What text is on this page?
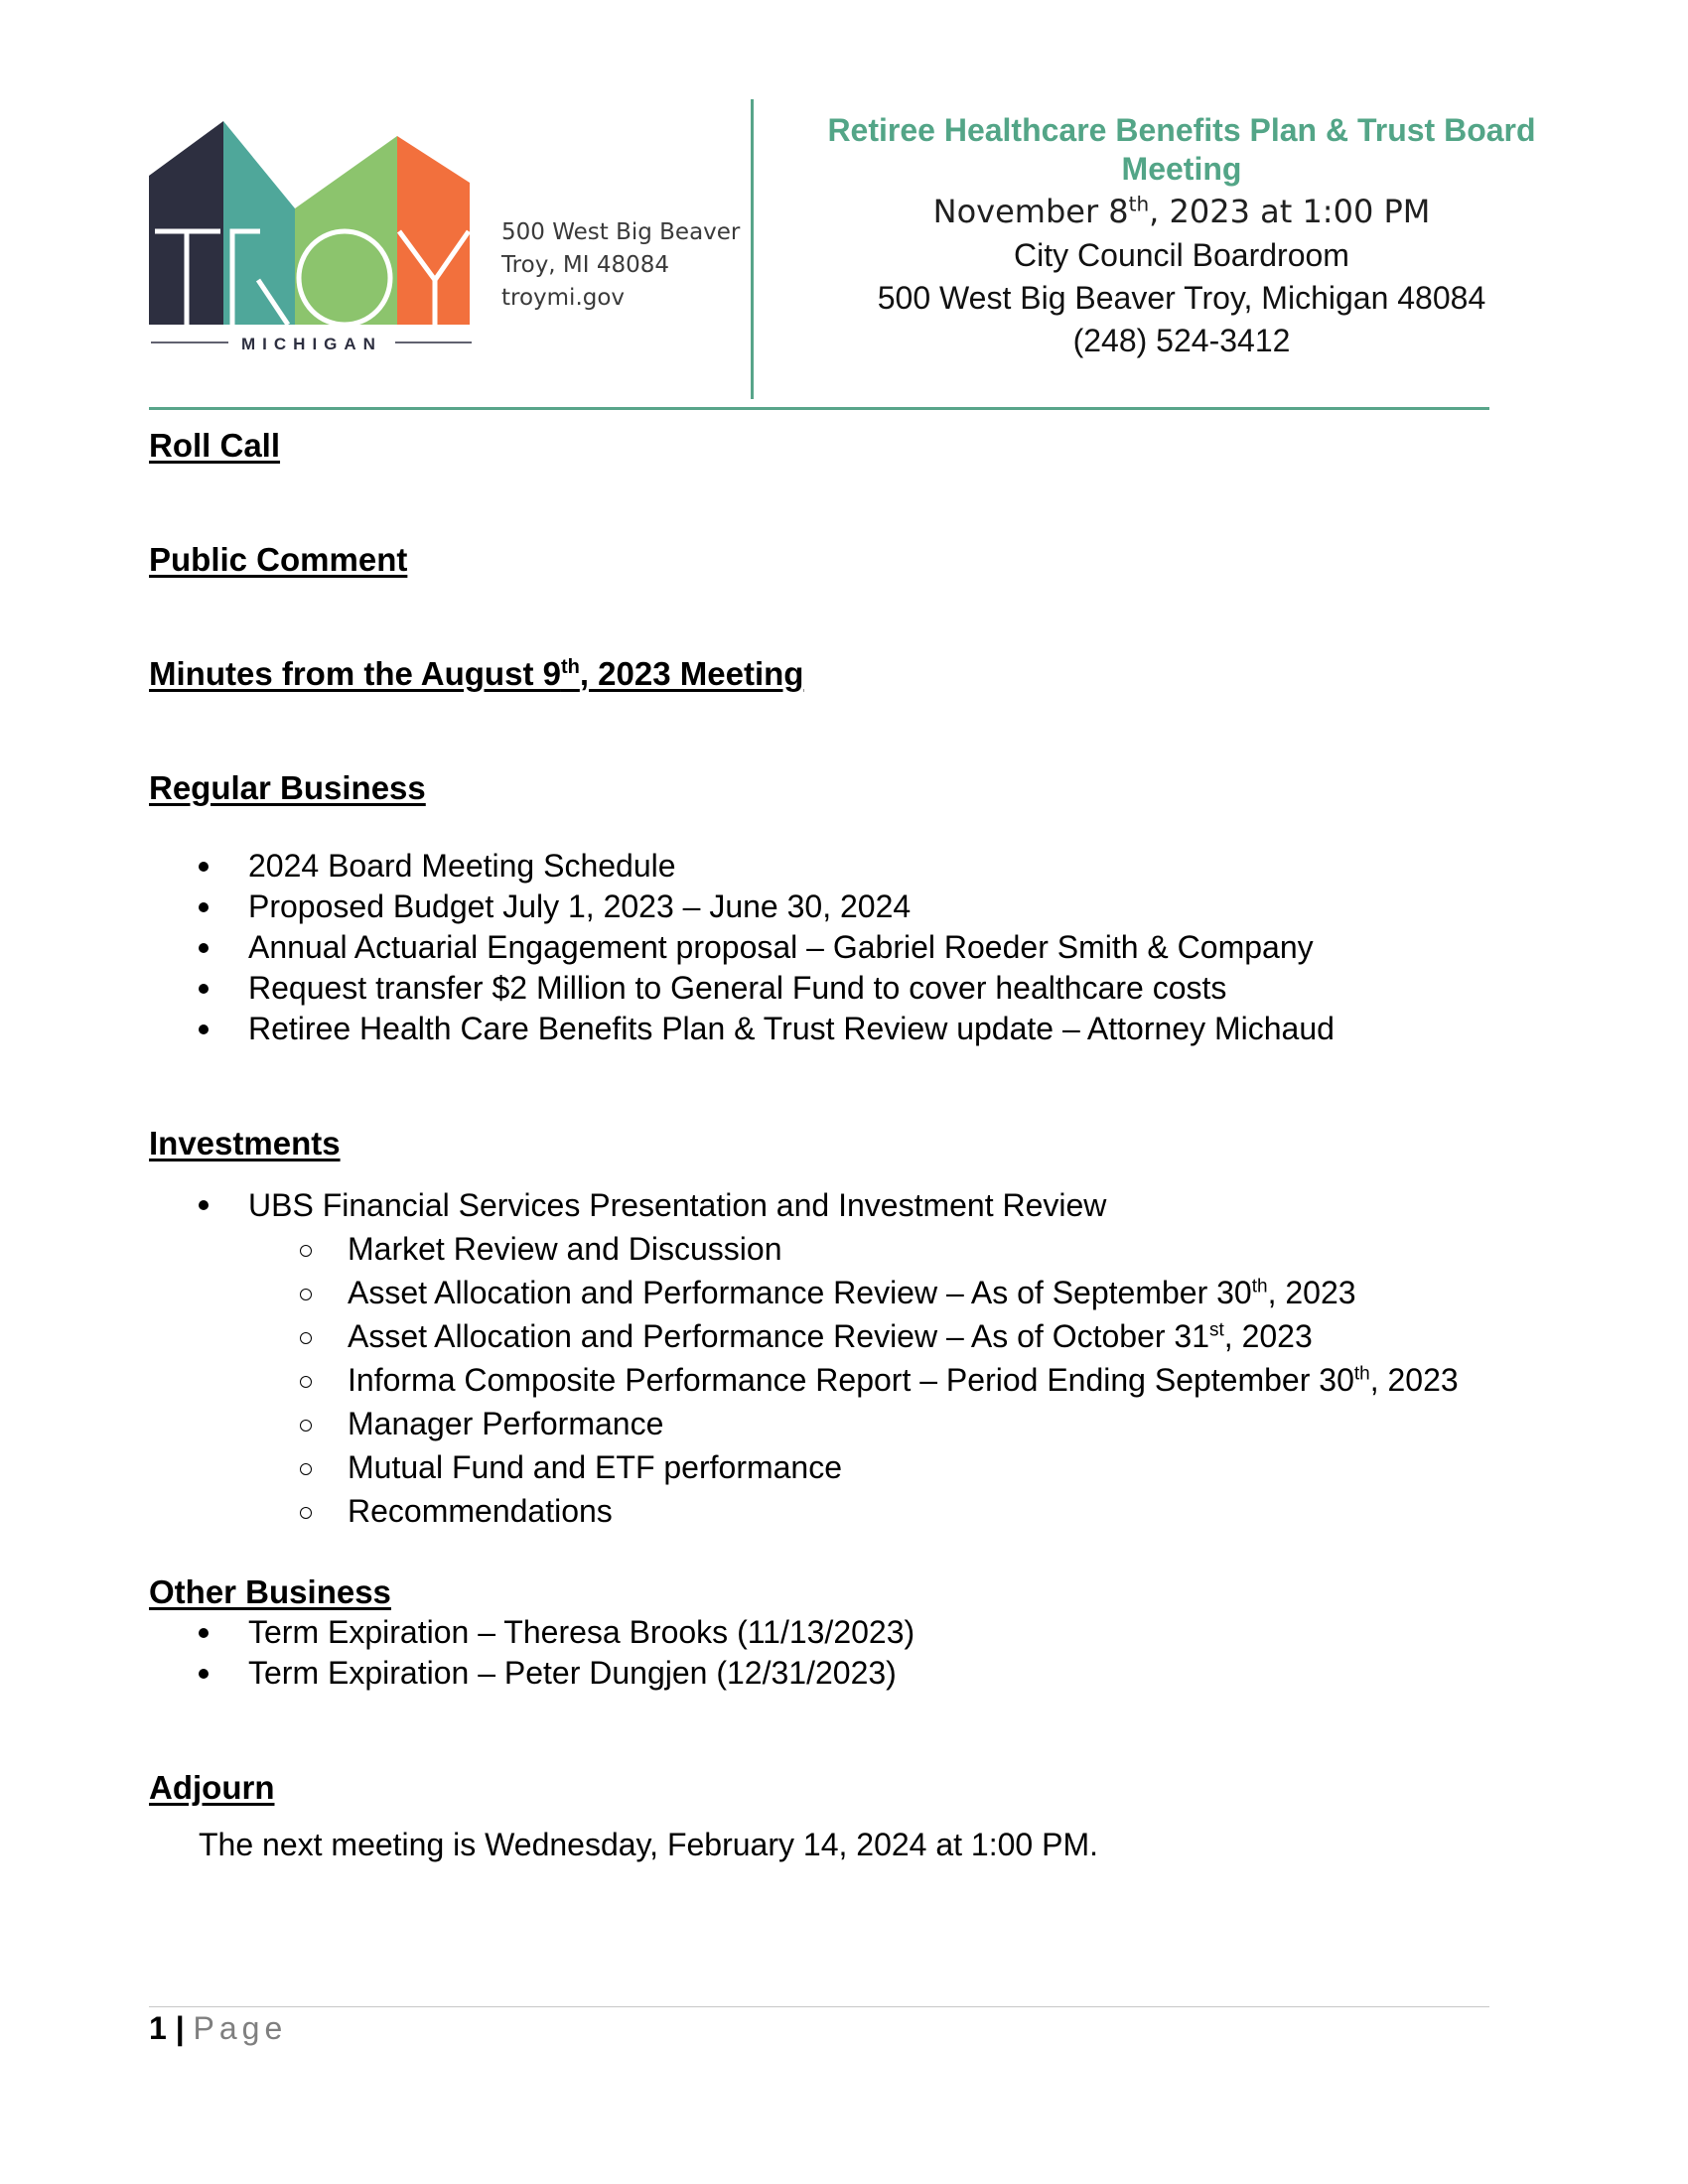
MICHIGAN
500 West Big Beaver
Troy, MI 48084
troymi.gov

Retiree Healthcare Benefits Plan & Trust Board Meeting

November 8th, 2023 at 1:00 PM
City Council Boardroom
500 West Big Beaver Troy, Michigan 48084
(248) 524-3412
Roll Call
Public Comment
Minutes from the August 9th, 2023 Meeting
Regular Business
2024 Board Meeting Schedule
Proposed Budget July 1, 2023 – June 30, 2024
Annual Actuarial Engagement proposal – Gabriel Roeder Smith & Company
Request transfer $2 Million to General Fund to cover healthcare costs
Retiree Health Care Benefits Plan & Trust Review update – Attorney Michaud
Investments
UBS Financial Services Presentation and Investment Review
Market Review and Discussion
Asset Allocation and Performance Review – As of September 30th, 2023
Asset Allocation and Performance Review – As of October 31st, 2023
Informa Composite Performance Report – Period Ending September 30th, 2023
Manager Performance
Mutual Fund and ETF performance
Recommendations
Other Business
Term Expiration – Theresa Brooks (11/13/2023)
Term Expiration – Peter Dungjen (12/31/2023)
Adjourn
The next meeting is Wednesday, February 14, 2024 at 1:00 PM.
1 | Page
